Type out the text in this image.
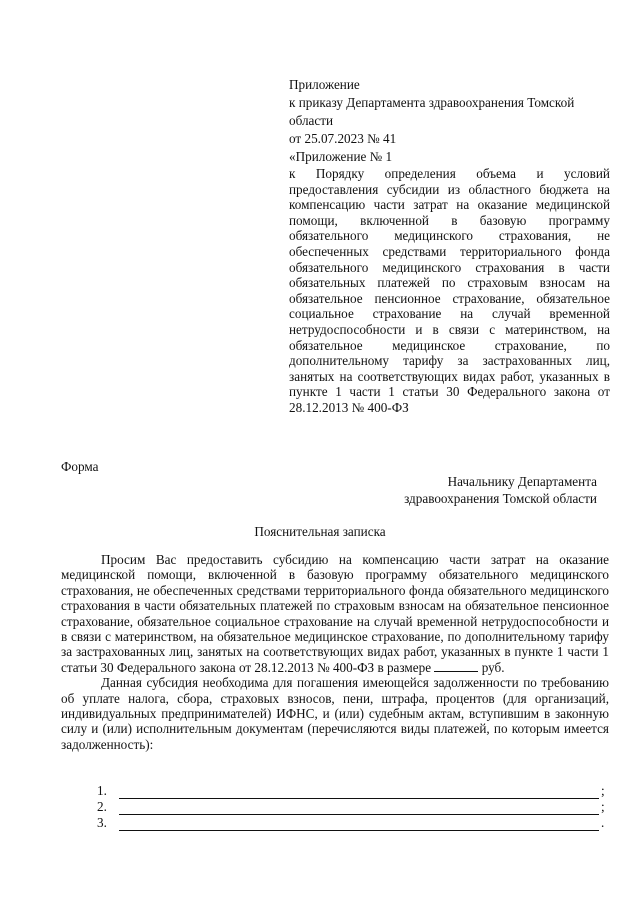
Приложение
к приказу Департамента здравоохранения Томской области
от 25.07.2023 № 41
«Приложение № 1
к Порядку определения объема и условий предоставления субсидии из областного бюджета на компенсацию части затрат на оказание медицинской помощи, включенной в базовую программу обязательного медицинского страхования, не обеспеченных средствами территориального фонда обязательного медицинского страхования в части обязательных платежей по страховым взносам на обязательное пенсионное страхование, обязательное социальное страхование на случай временной нетрудоспособности и в связи с материнством, на обязательное медицинское страхование, по дополнительному тарифу за застрахованных лиц, занятых на соответствующих видах работ, указанных в пункте 1 части 1 статьи 30 Федерального закона от 28.12.2013 № 400-ФЗ
Форма
Начальнику Департамента
здравоохранения Томской области
Пояснительная записка

Просим Вас предоставить субсидию на компенсацию части затрат на оказание медицинской помощи, включенной в базовую программу обязательного медицинского страхования, не обеспеченных средствами территориального фонда обязательного медицинского страхования в части обязательных платежей по страховым взносам на обязательное пенсионное страхование, обязательное социальное страхование на случай временной нетрудоспособности и в связи с материнством, на обязательное медицинское страхование, по дополнительному тарифу за застрахованных лиц, занятых на соответствующих видах работ, указанных в пункте 1 части 1 статьи 30 Федерального закона от 28.12.2013 № 400-ФЗ в размере	руб.

Данная субсидия необходима для погашения имеющейся задолженности по требованию об уплате налога, сбора, страховых взносов, пени, штрафа, процентов (для организаций, индивидуальных предпринимателей) ИФНС, и (или) судебным актам, вступившим в законную силу и (или) исполнительным документам (перечисляются виды платежей, по которым имеется задолженность):

1.	;
2.	;
3.	.
